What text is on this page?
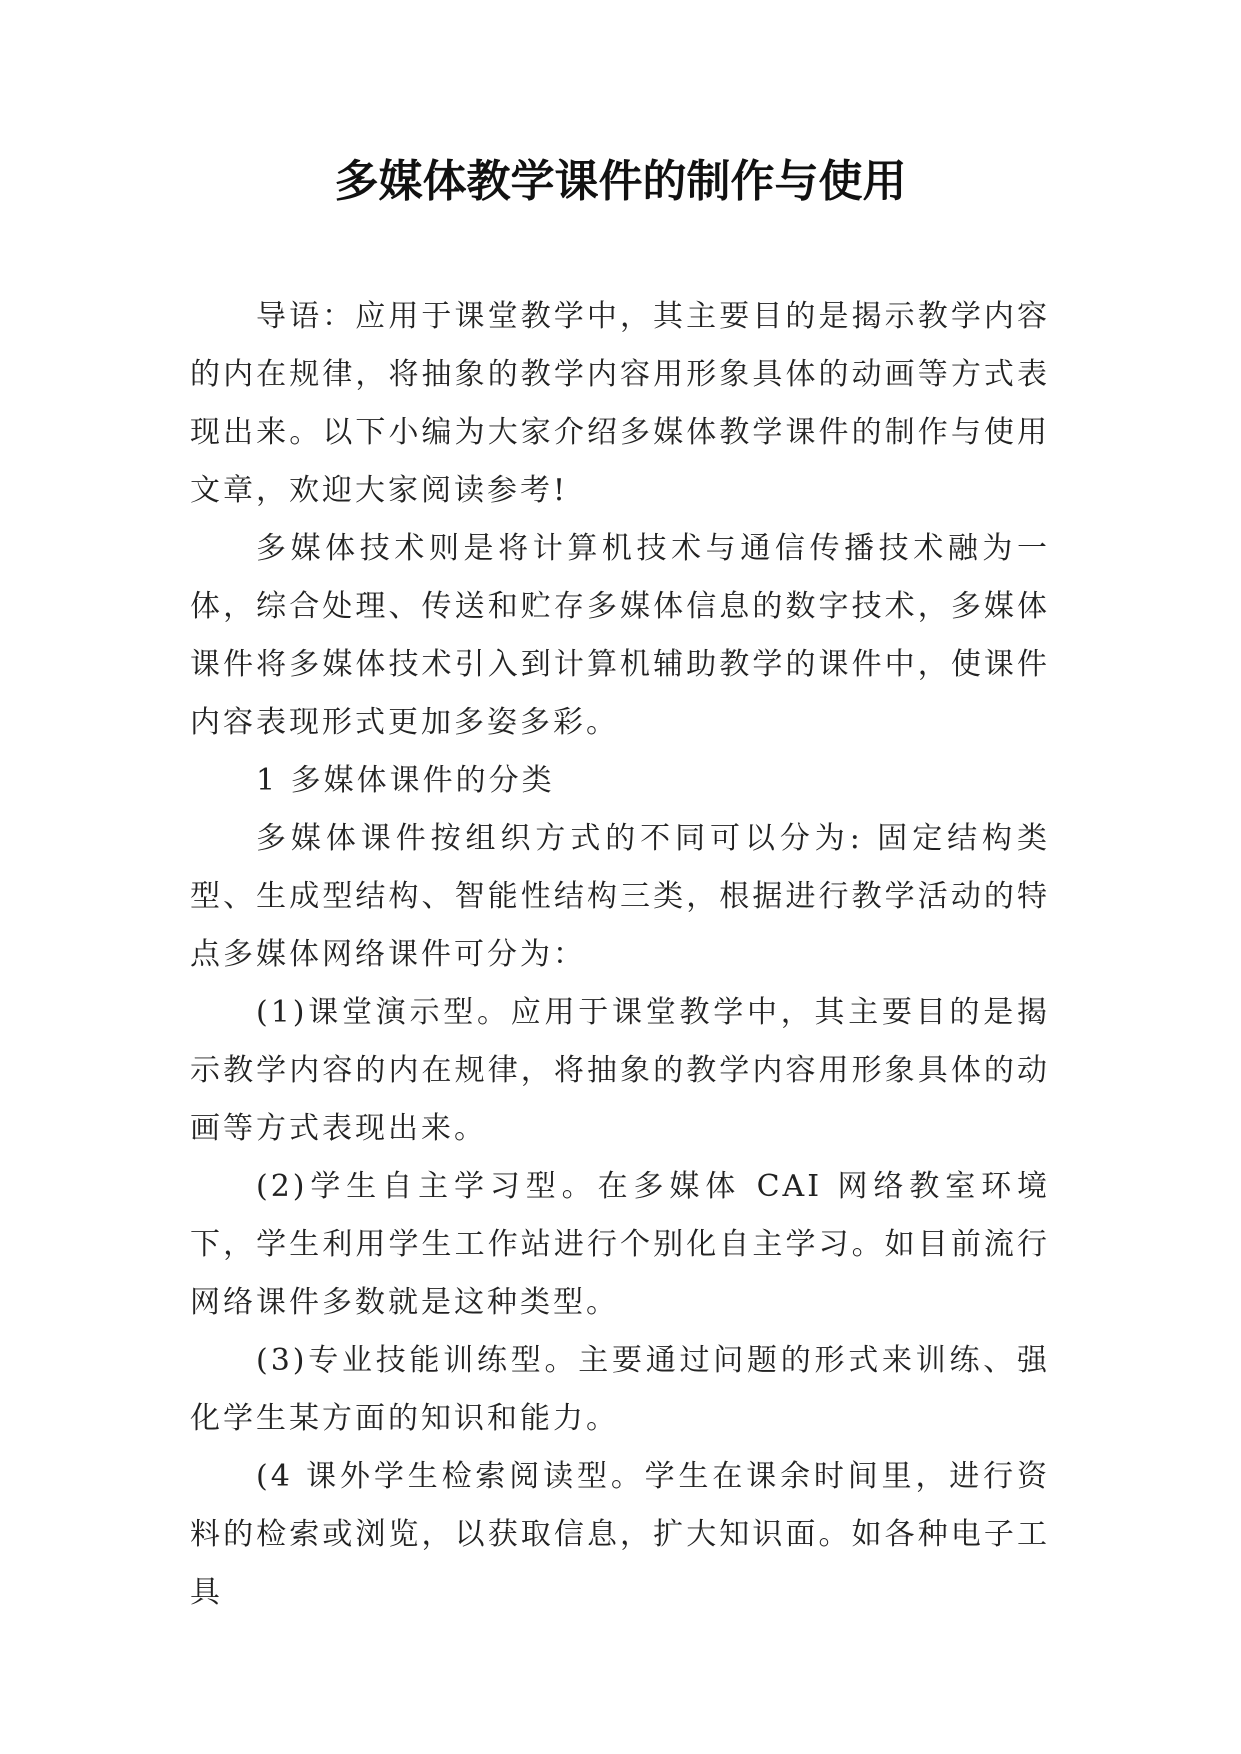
多媒体教学课件的制作与使用

导语：应用于课堂教学中，其主要目的是揭示教学内容的内在规律，将抽象的教学内容用形象具体的动画等方式表现出来。以下小编为大家介绍多媒体教学课件的制作与使用文章，欢迎大家阅读参考!

多媒体技术则是将计算机技术与通信传播技术融为一体，综合处理、传送和贮存多媒体信息的数字技术，多媒体课件将多媒体技术引入到计算机辅助教学的课件中，使课件内容表现形式更加多姿多彩。

1 多媒体课件的分类

多媒体课件按组织方式的不同可以分为: 固定结构类型、生成型结构、智能性结构三类，根据进行教学活动的特点多媒体网络课件可分为：

(1)课堂演示型。应用于课堂教学中，其主要目的是揭示教学内容的内在规律，将抽象的教学内容用形象具体的动画等方式表现出来。

(2)学生自主学习型。在多媒体 CAI 网络教室环境下，学生利用学生工作站进行个别化自主学习。如目前流行网络课件多数就是这种类型。

(3)专业技能训练型。主要通过问题的形式来训练、强化学生某方面的知识和能力。

(4 课外学生检索阅读型。学生在课余时间里，进行资料的检索或浏览，以获取信息，扩大知识面。如各种电子工具
